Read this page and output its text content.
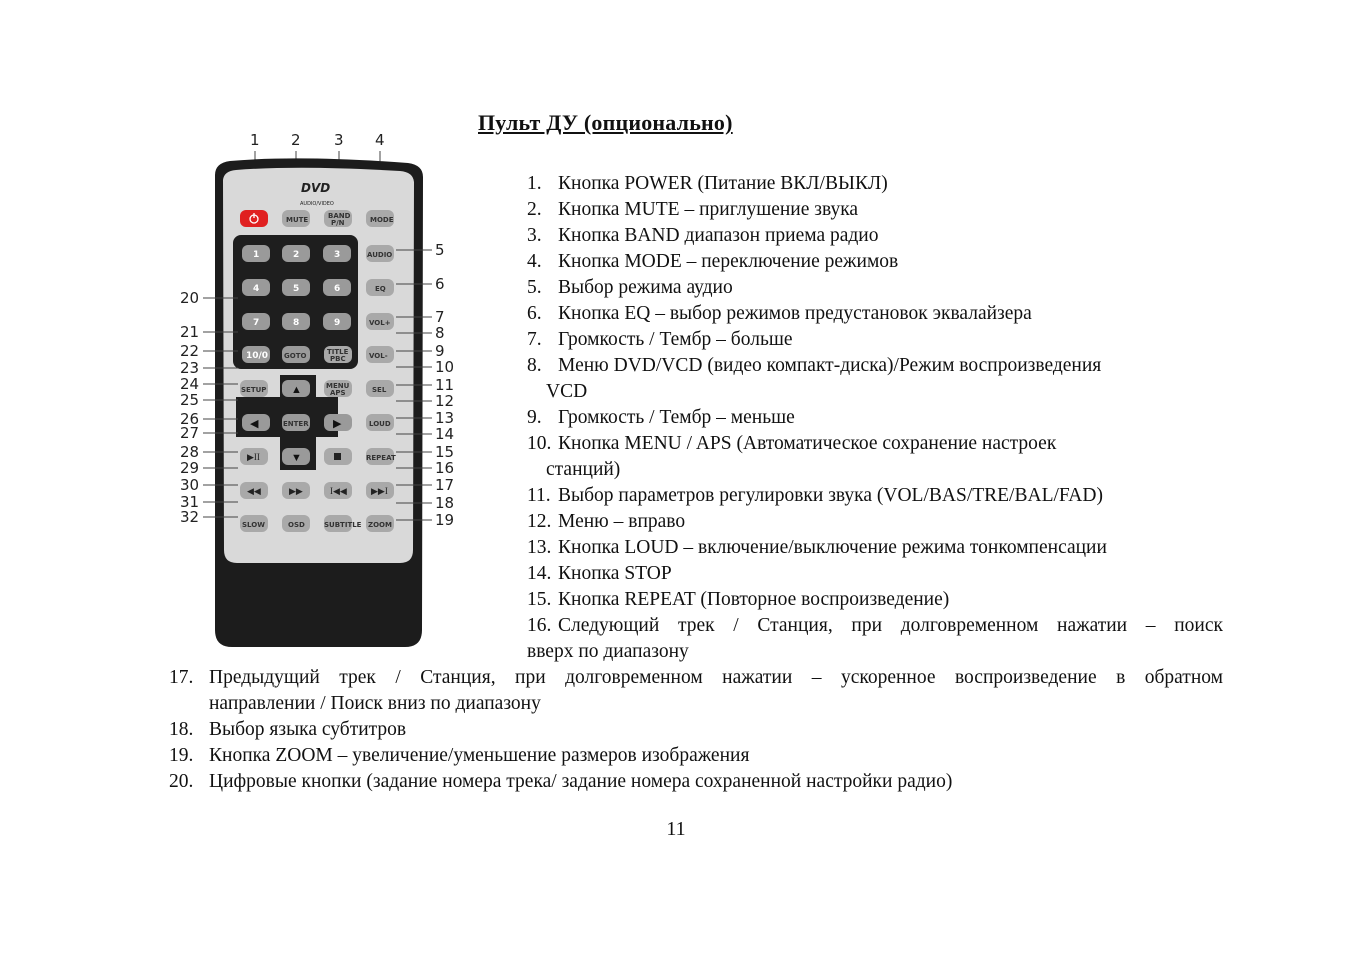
Пульт ДУ (опционально)
1 2 3 4
DVD
AUDIO/VIDEO
MUTE	BAND
P/N	MODE
1	2	3
4	5	6
7	8	9
10/0 GOTO	TITLE
PBC
AUDIO
EQ
VOL+
VOL-
▲
◀	ENTER ▶
▼
SETUP	MENU
APS	SEL
LOUD
▶II	REPEAT
◀◀	▶▶	I◀◀	▶▶I
SLOW	OSD	SUBTITLE ZOOM
5
6
7
8
9
10
11
12
13
14
15
16
17
18
19
20
21
22
23
24
25
26
27
28
29
30
31
32
1. Кнопка POWER (Питание ВКЛ/ВЫКЛ)
2. Кнопка MUTE – приглушение звука
3. Кнопка BAND диапазон приема радио
4. Кнопка MODE – переключение режимов
5. Выбор режима аудио
6. Кнопка EQ – выбор режимов предустановок эквалайзера
7. Громкость / Тембр – больше
8. Меню DVD/VCD (видео компакт-диска)/Режим воспроизведения
VCD
9. Громкость / Тембр – меньше
10. Кнопка MENU / APS (Автоматическое сохранение настроек
станций)
11. Выбор параметров регулировки звука (VOL/BAS/TRE/BAL/FAD)
12. Меню – вправо
13. Кнопка LOUD – включение/выключение режима тонкомпенсации
14. Кнопка STOP
15. Кнопка REPEAT (Повторное воспроизведение)
16. Следующий трек / Станция, при долговременном нажатии – поиск
вверх по диапазону
17. Предыдущий трек / Станция, при долговременном нажатии – ускоренное воспроизведение в обратном
направлении / Поиск вниз по диапазону
18. Выбор языка субтитров
19. Кнопка ZOOM – увеличение/уменьшение размеров изображения
20. Цифровые кнопки (задание номера трека/ задание номера сохраненной настройки радио)
11
